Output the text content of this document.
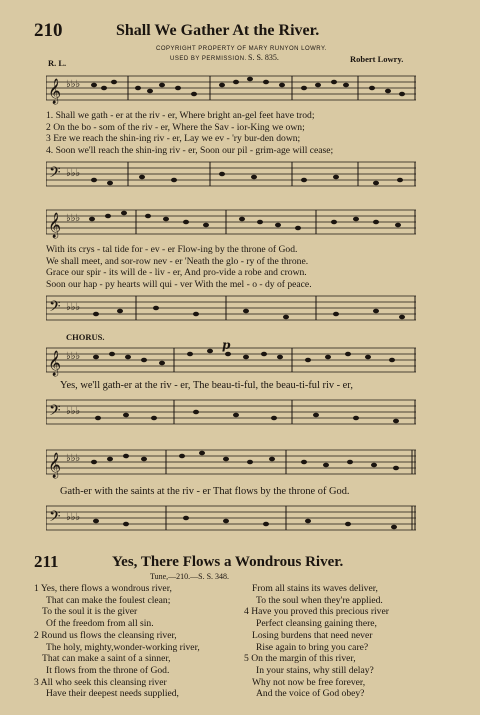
210	Shall We Gather At the River.
COPYRIGHT PROPERTY OF MARY RUNYON LOWRY.
USED BY PERMISSION. S. S. 835.
R. L.	Robert Lowry.
𝄞 ♭♭♭
1. Shall we gath - er at the riv - er, Where bright an-gel feet have trod;
2 On the bo - som of the riv - er, Where the Sav - ior-King we own;
3 Ere we reach the shin-ing riv - er, Lay we ev - 'ry bur-den down;
4. Soon we'll reach the shin-ing riv - er, Soon our pil - grim-age will cease;
𝄢 ♭♭♭
𝄞 ♭♭♭
With its crys - tal tide for - ev - er Flow-ing by the throne of God.
We shall meet, and sor-row nev - er 'Neath the glo - ry of the throne.
Grace our spir - its will de - liv - er, And pro-vide a robe and crown.
Soon our hap - py hearts will qui - ver With the mel - o - dy of peace.
𝄢 ♭♭♭
CHORUS.
p
𝄞 ♭♭♭
Yes, we'll gath-er at the riv - er, The beau-ti-ful, the beau-ti-ful riv - er,
𝄢 ♭♭♭
𝄞 ♭♭♭
Gath-er with the saints at the riv - er That flows by the throne of God.
𝄢 ♭♭♭
211	Yes, There Flows a Wondrous River.
Tune,—210.—S. S. 348.
1 Yes, there flows a wondrous river,
That can make the foulest clean;
To the soul it is the giver
Of the freedom from all sin.
2 Round us flows the cleansing river,
The holy, mighty,wonder-working river,
That can make a saint of a sinner,
It flows from the throne of God.
3 All who seek this cleansing river
Have their deepest needs supplied,
From all stains its waves deliver,
To the soul when they're applied.
4 Have you proved this precious river
Perfect cleansing gaining there,
Losing burdens that need never
Rise again to bring you care?
5 On the margin of this river,
In your stains, why still delay?
Why not now be free forever,
And the voice of God obey?
